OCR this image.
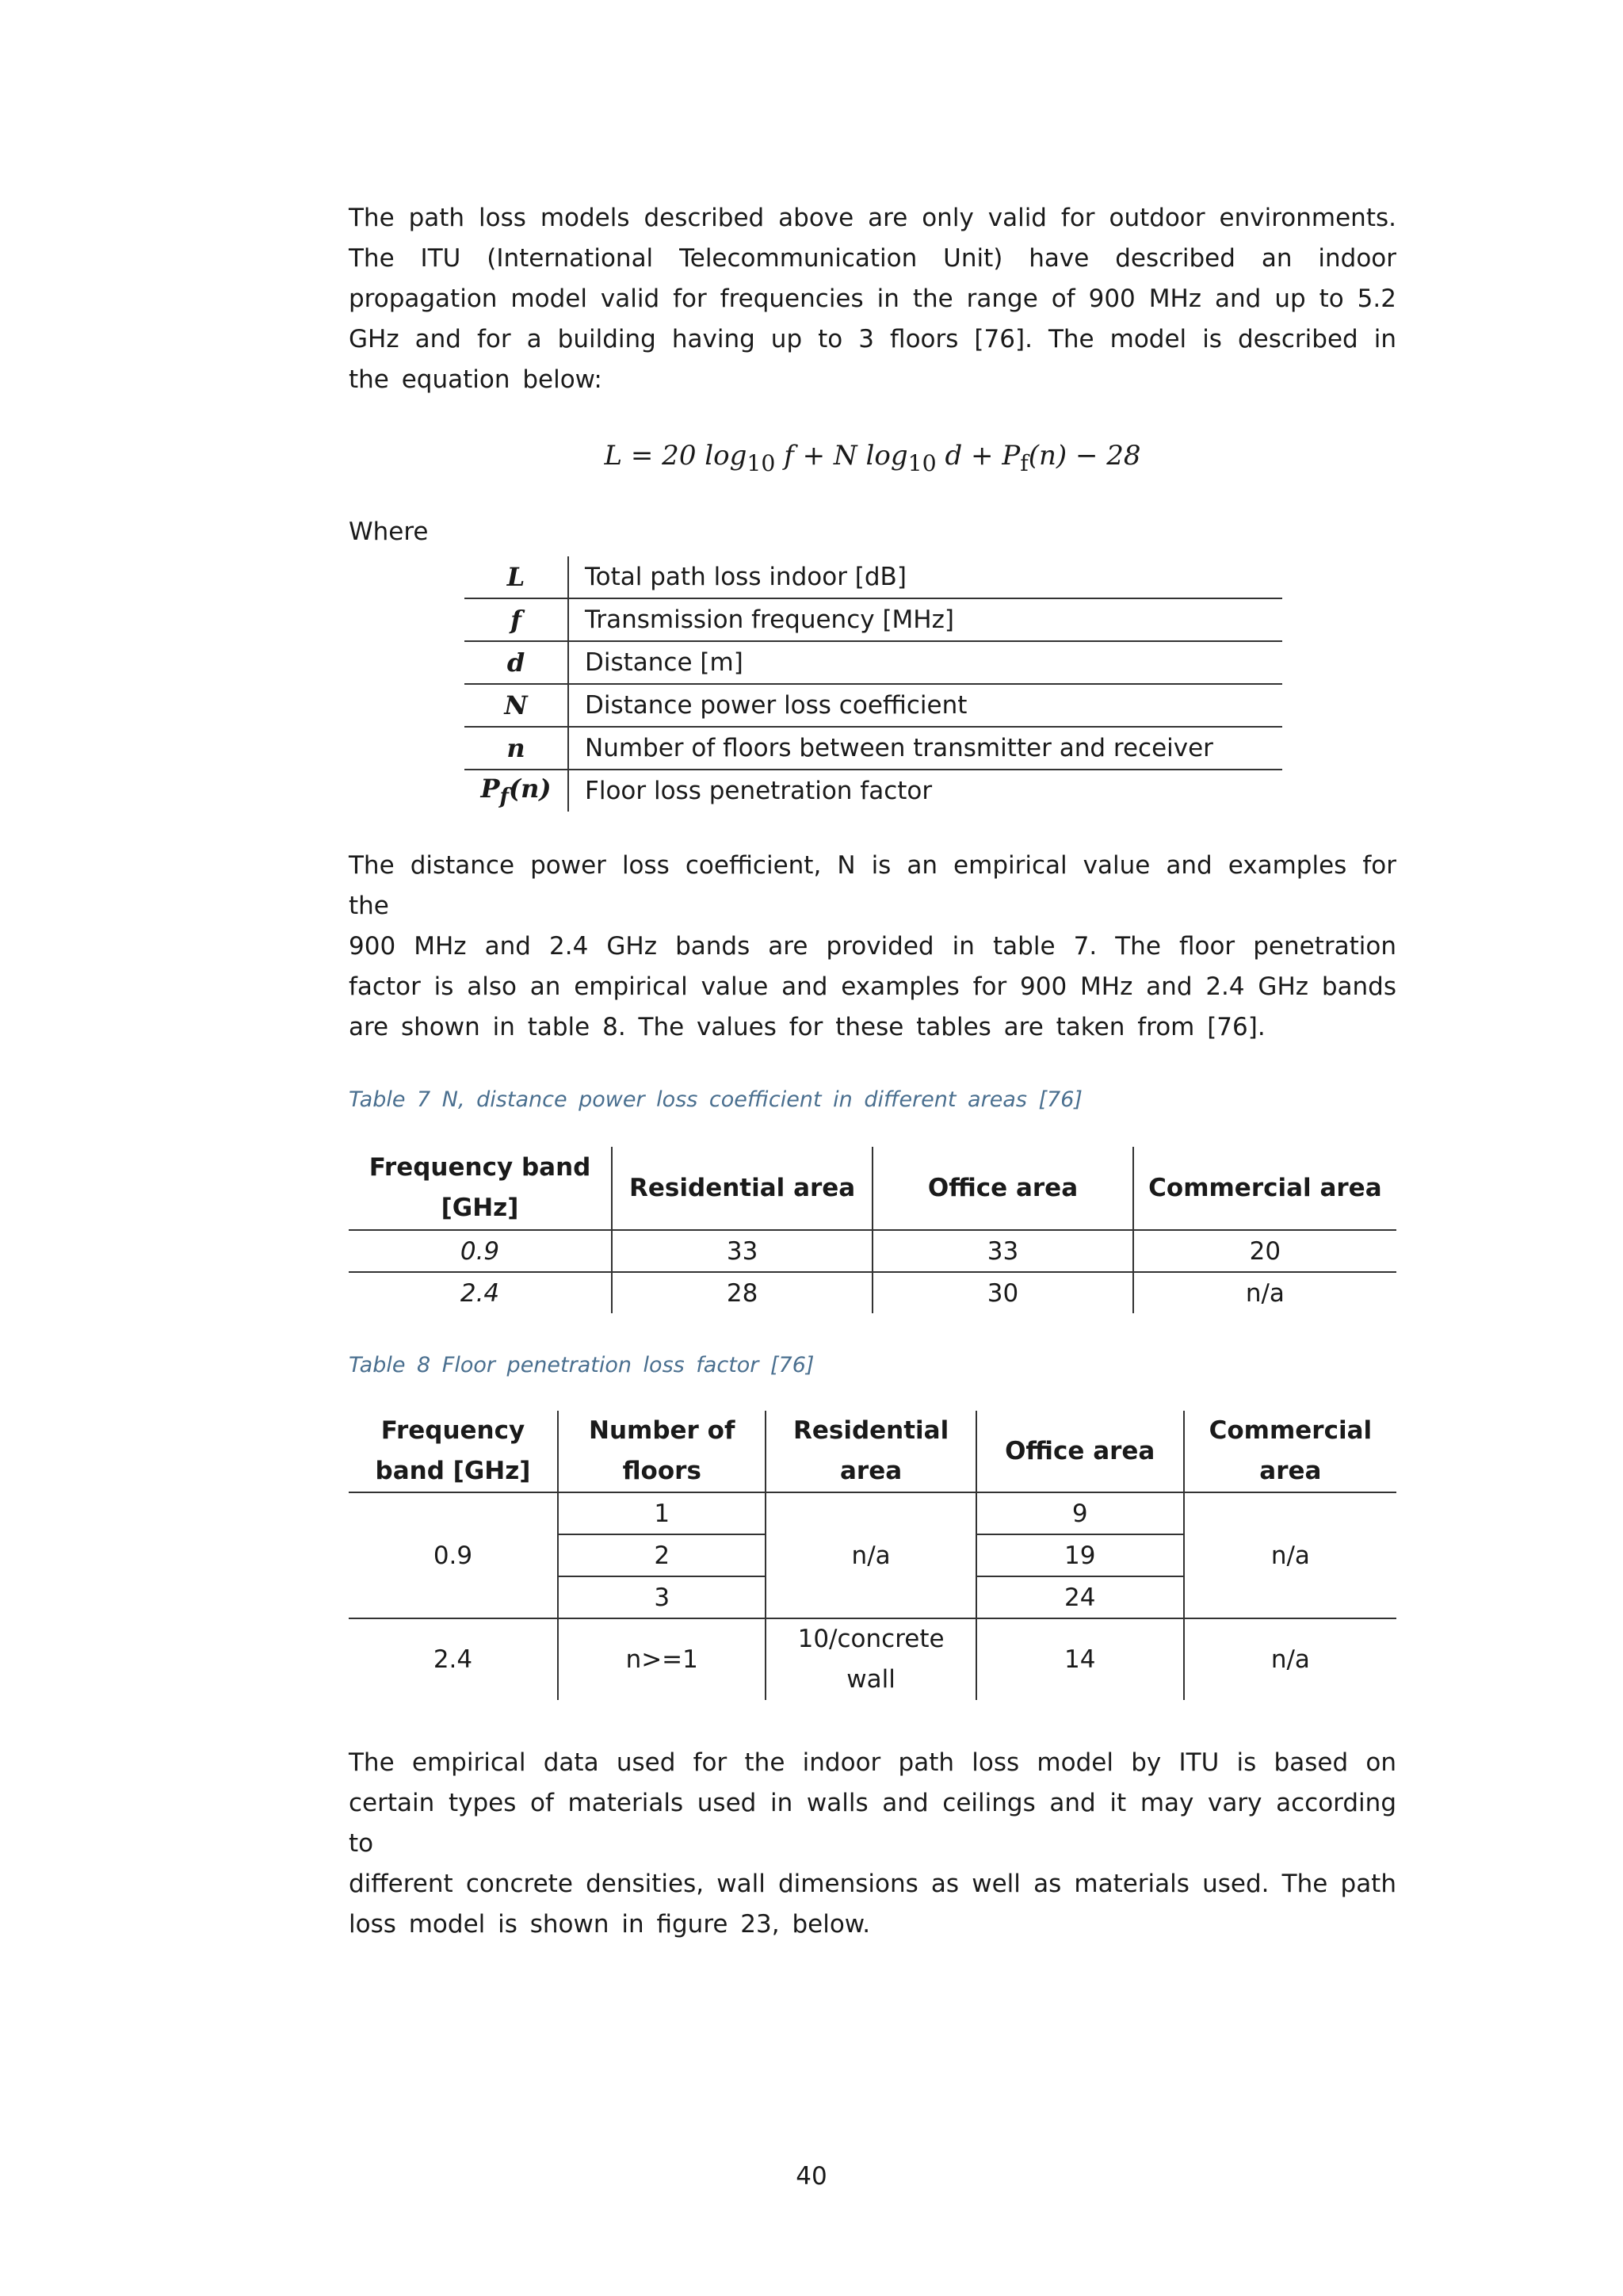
The path loss models described above are only valid for outdoor environments.
The ITU (International Telecommunication Unit) have described an indoor
propagation model valid for frequencies in the range of 900 MHz and up to 5.2
GHz and for a building having up to 3 floors [76]. The model is described in
the equation below:
L = 20 $\log_{10} f + N$ $\log_{10} d + P_f(n) - 28$
Where
L	Total path loss indoor [dB]
f	Transmission frequency [MHz]
d	Distance [m]
N	Distance power loss coefficient
n	Number of floors between transmitter and receiver
$P_f(n)$	Floor loss penetration factor
The distance power loss coefficient, N is an empirical value and examples for the
900 MHz and 2.4 GHz bands are provided in table 7. The floor penetration
factor is also an empirical value and examples for 900 MHz and 2.4 GHz bands
are shown in table 8. The values for these tables are taken from [76].
Table 7 N, distance power loss coefficient in different areas [76]
Frequency band [GHz]	Residential area	Office area	Commercial area
0.9	33	33	20
2.4	28	30	n/a
Table 8 Floor penetration loss factor [76]
Frequency band [GHz]	Number of floors	Residential area	Office area	Commercial area
0.9	1	n/a	9	n/a
	2		19	
	3		24	
2.4	n>=1	10/concrete wall	14	n/a
The empirical data used for the indoor path loss model by ITU is based on
certain types of materials used in walls and ceilings and it may vary according to
different concrete densities, wall dimensions as well as materials used. The path
loss model is shown in figure 23, below.
40
